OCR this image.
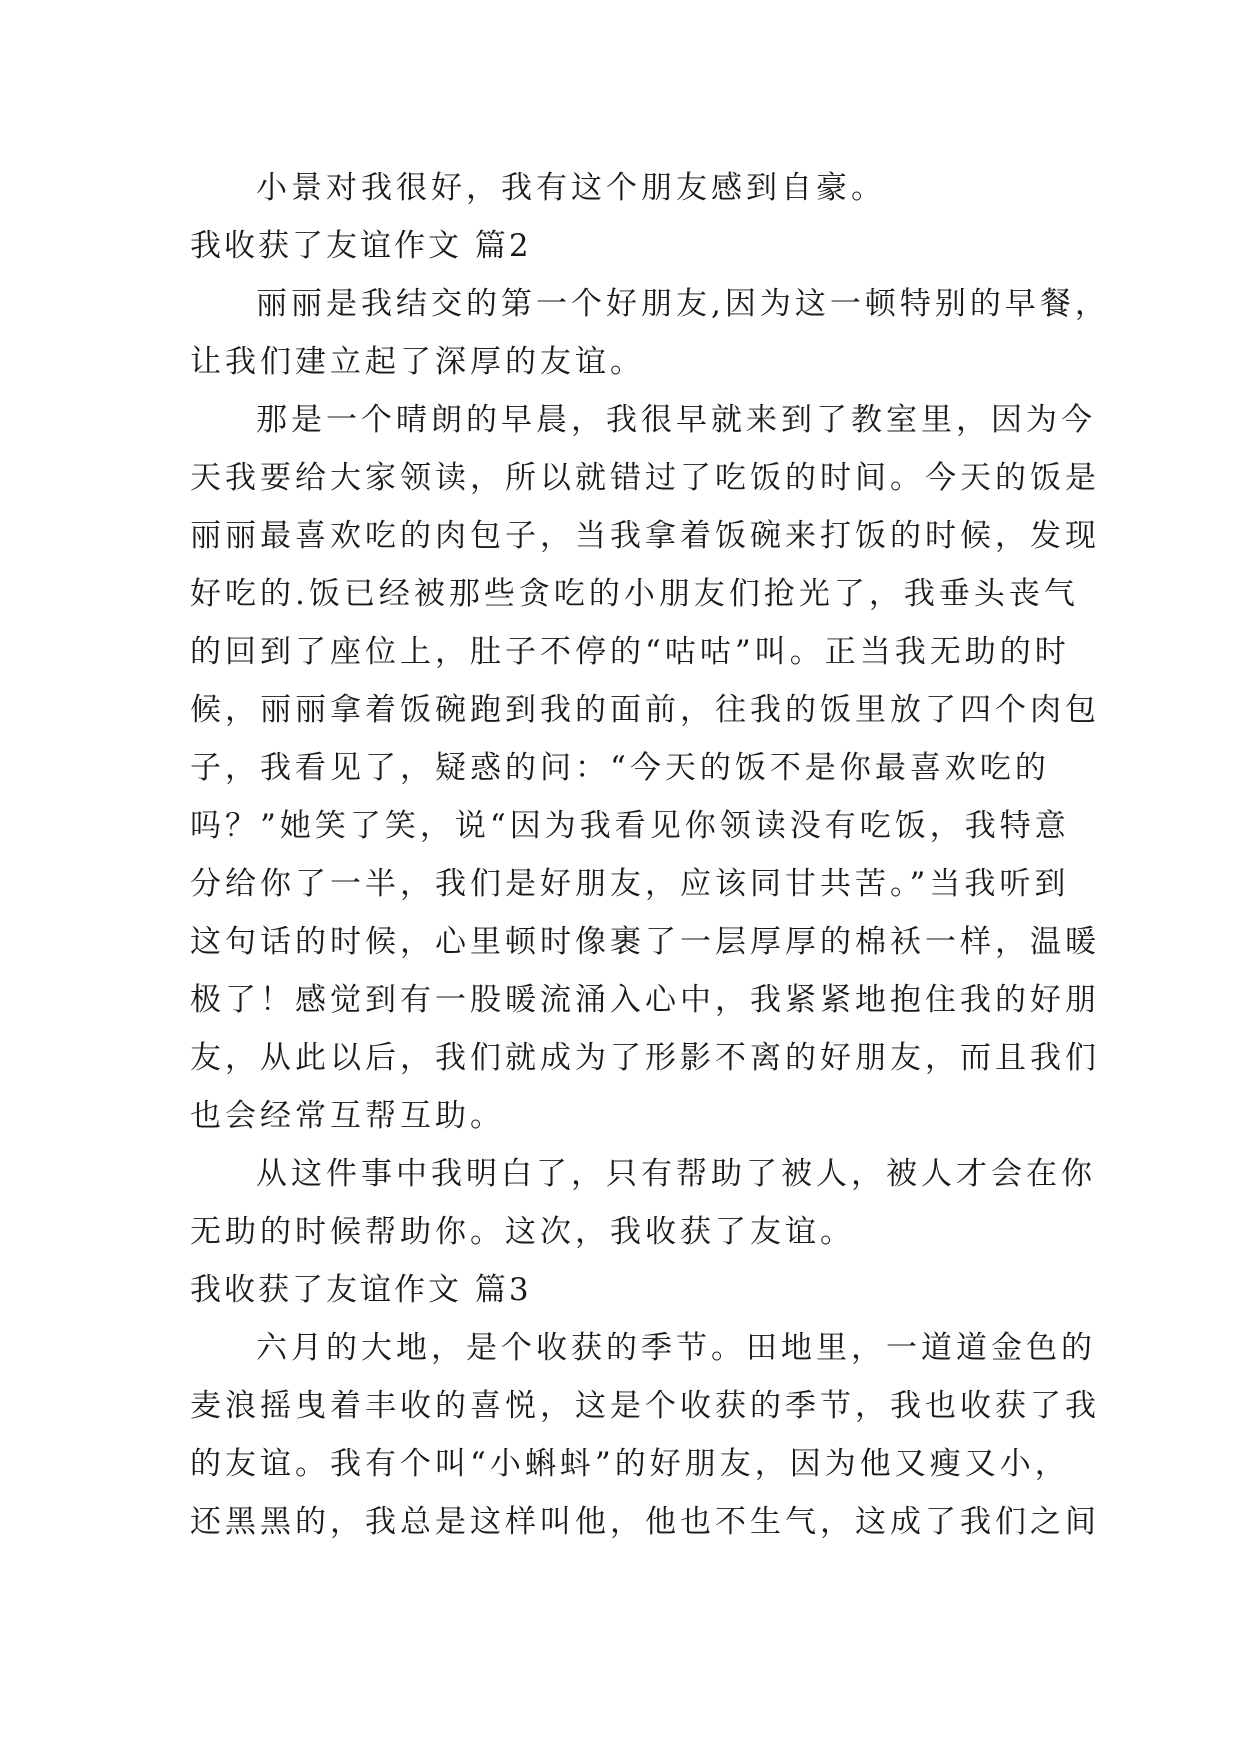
小景对我很好，我有这个朋友感到自豪。
我收获了友谊作文 篇2
丽丽是我结交的第一个好朋友,因为这一顿特别的早餐，
让我们建立起了深厚的友谊。
那是一个晴朗的早晨，我很早就来到了教室里，因为今
天我要给大家领读，所以就错过了吃饭的时间。今天的饭是
丽丽最喜欢吃的肉包子，当我拿着饭碗来打饭的时候，发现
好吃的.饭已经被那些贪吃的小朋友们抢光了，我垂头丧气
的回到了座位上，肚子不停的“咕咕”叫。正当我无助的时
候，丽丽拿着饭碗跑到我的面前，往我的饭里放了四个肉包
子，我看见了，疑惑的问：“今天的饭不是你最喜欢吃的
吗？”她笑了笑，说“因为我看见你领读没有吃饭，我特意
分给你了一半，我们是好朋友，应该同甘共苦。”当我听到
这句话的时候，心里顿时像裹了一层厚厚的棉袄一样，温暖
极了！感觉到有一股暖流涌入心中，我紧紧地抱住我的好朋
友，从此以后，我们就成为了形影不离的好朋友，而且我们
也会经常互帮互助。
从这件事中我明白了，只有帮助了被人，被人才会在你
无助的时候帮助你。这次，我收获了友谊。
我收获了友谊作文 篇3
六月的大地，是个收获的季节。田地里，一道道金色的
麦浪摇曳着丰收的喜悦，这是个收获的季节，我也收获了我
的友谊。我有个叫“小蝌蚪”的好朋友，因为他又瘦又小，
还黑黑的，我总是这样叫他，他也不生气，这成了我们之间
